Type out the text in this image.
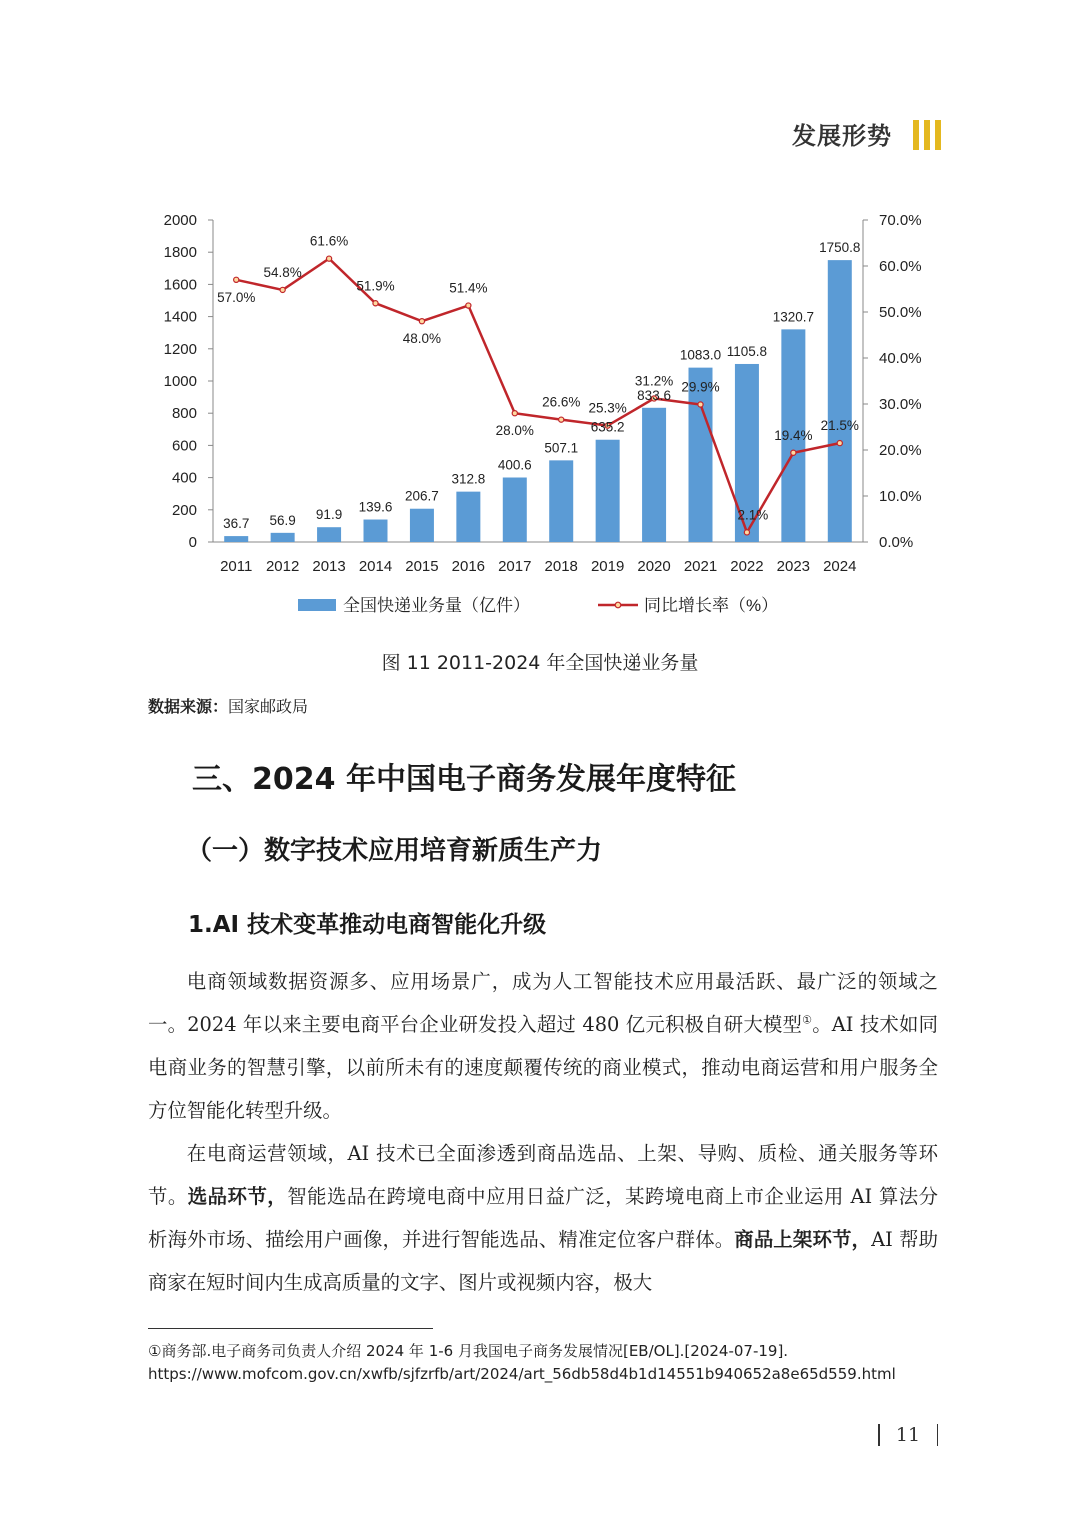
发展形势
0
200
400
600
800
1000
1200
1400
1600
1800
2000
0.0%
10.0%
20.0%
30.0%
40.0%
50.0%
60.0%
70.0%
2011 2012 2013 2014 2015 2016 2017 2018 2019 2020 2021 2022 2023 2024
36.7 56.9 91.9
139.6
206.7
312.8
400.6
507.1
635.2
833.6
1083.0 1105.8
1320.7
1750.8
57.0%
54.8%
61.6%
51.9%
48.0%
51.4%
28.0%
26.6% 25.3%
31.2% 29.9%
2.1%
19.4%
21.5%
全国快递业务量（亿件）	同比增长率（%）
图 11 2011-2024 年全国快递业务量
数据来源：国家邮政局
三、2024 年中国电子商务发展年度特征
（一）数字技术应用培育新质生产力
1.AI 技术变革推动电商智能化升级

电商领域数据资源多、应用场景广，成为人工智能技术应用最活跃、最广泛的领域之一。2024 年以来主要电商平台企业研发投入超过 480 亿元积极自研大模型①。AI 技术如同电商业务的智慧引擎，以前所未有的速度颠覆传统的商业模式，推动电商运营和用户服务全方位智能化转型升级。

在电商运营领域，AI 技术已全面渗透到商品选品、上架、导购、质检、通关服务等环节。选品环节，智能选品在跨境电商中应用日益广泛，某跨境电商上市企业运用 AI 算法分析海外市场、描绘用户画像，并进行智能选品、精准定位客户群体。商品上架环节，AI 帮助商家在短时间内生成高质量的文字、图片或视频内容，极大

①商务部.电子商务司负责人介绍 2024 年 1-6 月我国电子商务发展情况[EB/OL].[2024-07-19].
https://www.mofcom.gov.cn/xwfb/sjfzrfb/art/2024/art_56db58d4b1d14551b940652a8e65d559.html
11
